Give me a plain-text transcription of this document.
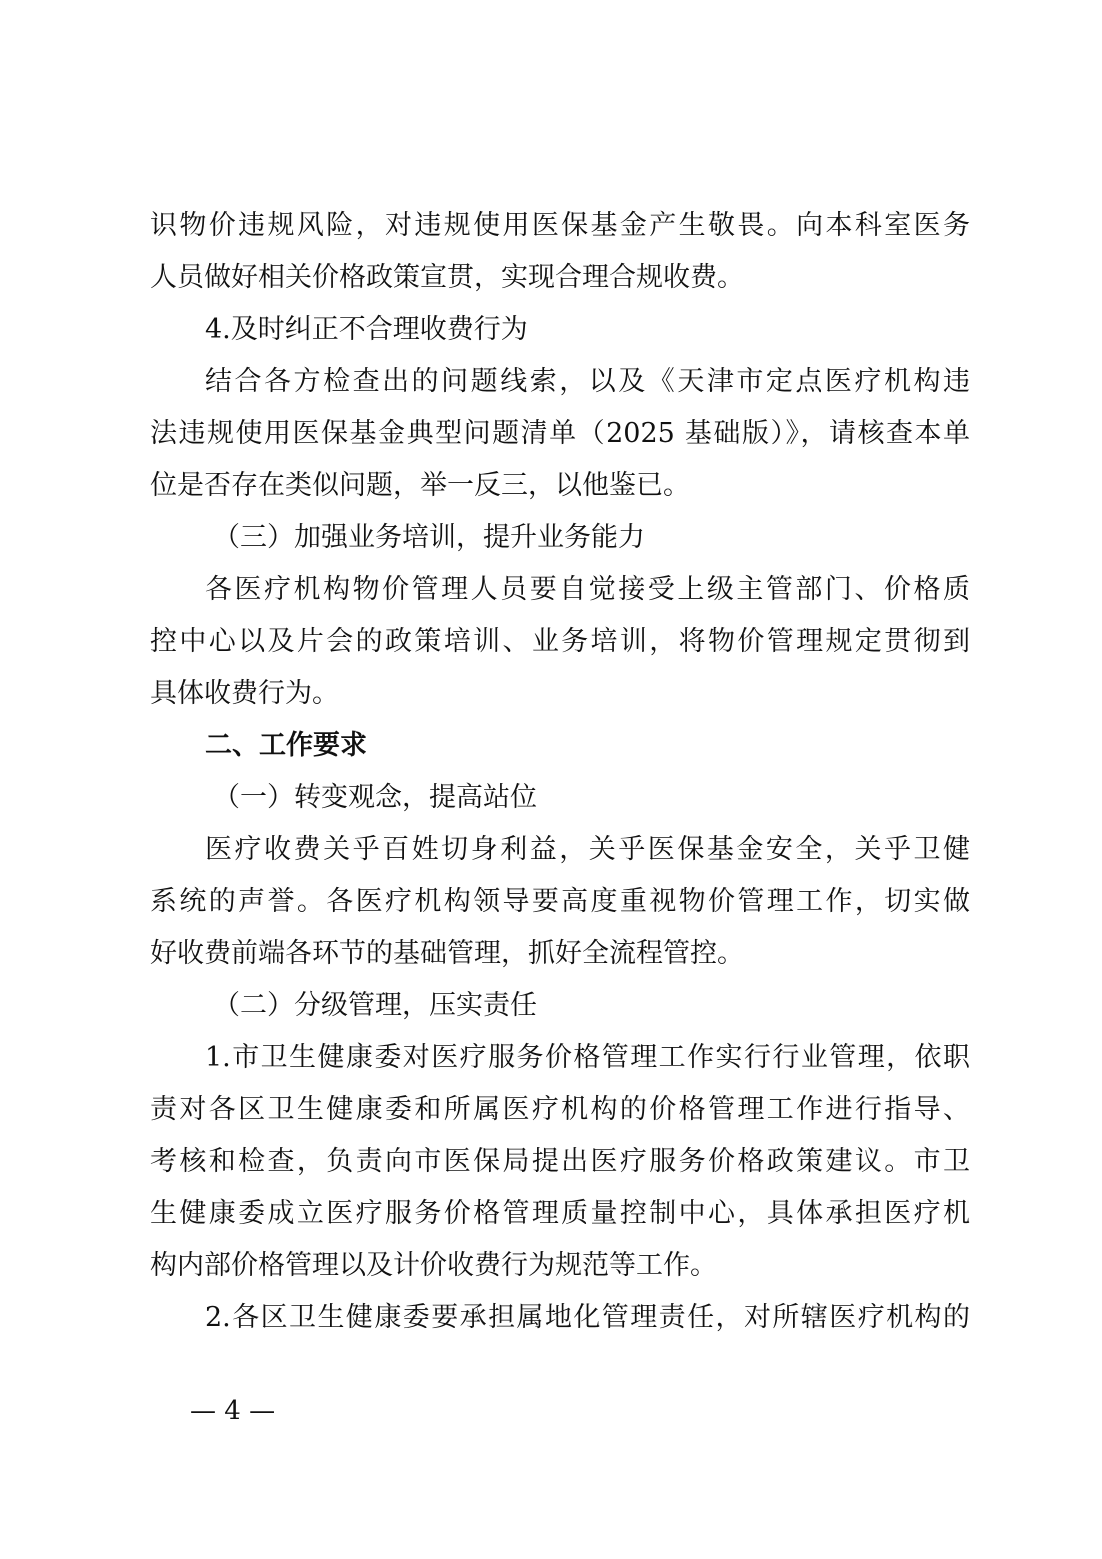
识物价违规风险，对违规使用医保基金产生敬畏。向本科室医务
人员做好相关价格政策宣贯，实现合理合规收费。
4.及时纠正不合理收费行为
结合各方检查出的问题线索，以及《天津市定点医疗机构违
法违规使用医保基金典型问题清单（2025 基础版）》，请核查本单
位是否存在类似问题，举一反三，以他鉴已。
（三）加强业务培训，提升业务能力
各医疗机构物价管理人员要自觉接受上级主管部门、价格质
控中心以及片会的政策培训、业务培训，将物价管理规定贯彻到
具体收费行为。
二、工作要求
（一）转变观念，提高站位
医疗收费关乎百姓切身利益，关乎医保基金安全，关乎卫健
系统的声誉。各医疗机构领导要高度重视物价管理工作，切实做
好收费前端各环节的基础管理，抓好全流程管控。
（二）分级管理，压实责任
1.市卫生健康委对医疗服务价格管理工作实行行业管理，依职
责对各区卫生健康委和所属医疗机构的价格管理工作进行指导、
考核和检查，负责向市医保局提出医疗服务价格政策建议。市卫
生健康委成立医疗服务价格管理质量控制中心，具体承担医疗机
构内部价格管理以及计价收费行为规范等工作。
2.各区卫生健康委要承担属地化管理责任，对所辖医疗机构的
— 4 —
